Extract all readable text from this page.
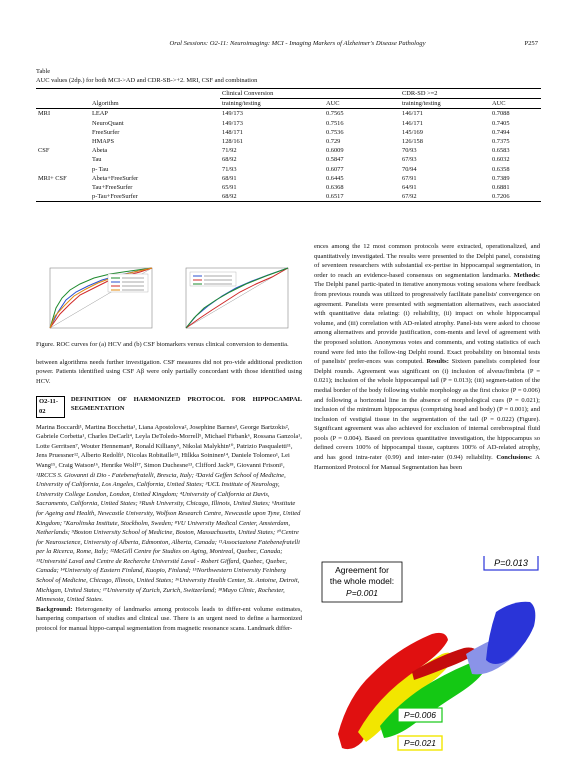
Oral Sessions: O2-11: Neuroimaging: MCI - Imaging Markers of Alzheimer's Disease Pathology	P257
Table
AUC values (2dp.) for both MCI->AD and CDR-SB->+2. MRI, CSF and combination
		Clinical Conversion		CDR-SD >=2	
	Algorithm	training/testing	AUC	training/testing	AUC
MRI	LEAP	149/173	0.7565	146/171	0.7088
	NeuroQuant	149/173	0.7516	146/171	0.7405
	FreeSurfer	148/171	0.7536	145/169	0.7494
	HMAPS	128/161	0.729	126/158	0.7375
CSF	Abeta	71/92	0.6009	70/93	0.6583
	Tau	68/92	0.5847	67/93	0.6032
	p- Tau	71/93	0.6077	70/94	0.6358
MRI+ CSF	Abeta+FreeSurfer	68/91	0.6445	67/91	0.7389
	Tau+FreeSurfer	65/91	0.6368	64/91	0.6881
	p-Tau+FreeSurfer	68/92	0.6517	67/92	0.7206

Figure. ROC curves for (a) HCV and (b) CSF biomarkers versus clinical conversion to dementia.

between algorithms needs further investigation. CSF measures did not pro-vide additional prediction power. Patients identified using CSF Aβ were only partially concordant with those identified using HCV.

O2-11-02
DEFINITION OF HARMONIZED PROTOCOL FOR HIPPOCAMPAL SEGMENTATION

Marina Boccardi¹, Martina Bocchetta¹, Liana Apostolova², Josephine Barnes³, George Bartzokis², Gabriele Corbetta¹, Charles DeCarli⁴, Leyla DeToledo-Morrell⁵, Michael Firbank⁶, Rossana Ganzola¹, Lotte Gerritsen⁷, Wouter Henneman⁸, Ronald Killiany⁹, Nikolai Malykhin¹⁰, Patrizio Pasqualetti¹¹, Jens Pruessner¹², Alberto Redolfi¹, Nicolas Robitaille¹³, Hilkka Soininen¹⁴, Daniele Tolomeo¹, Lei Wang¹⁵, Craig Watson¹⁶, Henrike Wolf¹⁷, Simon Duchesne¹³, Clifford Jack¹⁸, Giovanni Frisoni¹,

¹IRCCS S. Giovanni di Dio - Fatebenefratelli, Brescia, Italy; ²David Geffen School of Medicine, University of California, Los Angeles, California, United States; ³UCL Institute of Neurology, University College London, London, United Kingdom; ⁴University of California at Davis, Sacramento, California, United States; ⁵Rush University, Chicago, Illinois, United States; ⁶Institute for Ageing and Health, Newcastle University, Wolfson Research Centre, Newcastle upon Tyne, United Kingdom; ⁷Karolinska Institute, Stockholm, Sweden; ⁸VU University Medical Center, Amsterdam, Netherlands; ⁹Boston University School of Medicine, Boston, Massachusetts, United States; ¹⁰Centre for Neuroscience, University of Alberta, Edmonton, Alberta, Canada; ¹¹Associazione Fatebenefratelli per la Ricerca, Rome, Italy; ¹²McGill Centre for Studies on Aging, Montreal, Quebec, Canada; ¹³Université Laval and Centre de Recherche Université Laval - Robert Giffard, Quebec, Quebec, Canada; ¹⁴University of Eastern Finland, Kuopio, Finland; ¹⁵Northwestern University Feinberg School of Medicine, Chicago, Illinois, United States; ¹⁶University Health Center, St. Antoine, Detroit, Michigan, United States; ¹⁷University of Zurich, Zurich, Switzerland; ¹⁸Mayo Clinic, Rochester, Minnesota, United States.

Background: Heterogeneity of landmarks among protocols leads to differ-ent volume estimates, hampering comparison of studies and clinical use. There is an urgent need to define a harmonized protocol for manual hippo-campal segmentation from magnetic resonance scans. Landmark differ-

ences among the 12 most common protocols were extracted, operationalized, and quantitatively investigated. The results were presented to the Delphi panel, consisting of seventeen researchers with substantial ex-pertise in hippocampal segmentation, in order to reach an evidence-based consensus on segmentation landmarks. Methods: The Delphi panel partic-ipated in iterative anonymous voting sessions where feedback from previous rounds was utilized to progressively facilitate panelists' convergence on agreement. Panelists were presented with segmentation alternatives, each associated with quantitative data relating: (i) reliability, (ii) impact on whole hippocampal volume, and (iii) correlation with AD-related atrophy. Panel-ists were asked to choose among alternatives and provide justification, com-ments and level of agreement with the proposed solution. Anonymous votes and comments, and voting statistics of each round were fed into the follow-ing Delphi round. Exact probability on binomial tests of panelists' prefer-ences was computed. Results: Sixteen panelists completed four Delphi rounds. Agreement was significant on (i) inclusion of alveus/fimbria (P = 0.021); inclusion of the whole hippocampal tail (P = 0.013); (iii) segmen-tation of the medial border of the body following visible morphology as the first choice (P = 0.006) and following a horizontal line in the absence of morphological cues (P = 0.021); inclusion of the minimum hippocampus (comprising head and body) (P = 0.001); and inclusion of vestigial tissue in the segmentation of the tail (P = 0.022) (Figure). Significant agreement was also achieved for exclusion of internal cerebrospinal fluid pools (P = 0.004). Based on previous quantitative investigation, the hippocampus so defined covers 100% of hippocampal tissue, captures 100% of AD-related atrophy, and has good intra-rater (0.99) and inter-rater (0.94) reliability. Conclusions: A Harmonized Protocol for Manual Segmentation has been

Agreement for
the whole model:
P=0.001
P=0.013
P=0.006
P=0.021
